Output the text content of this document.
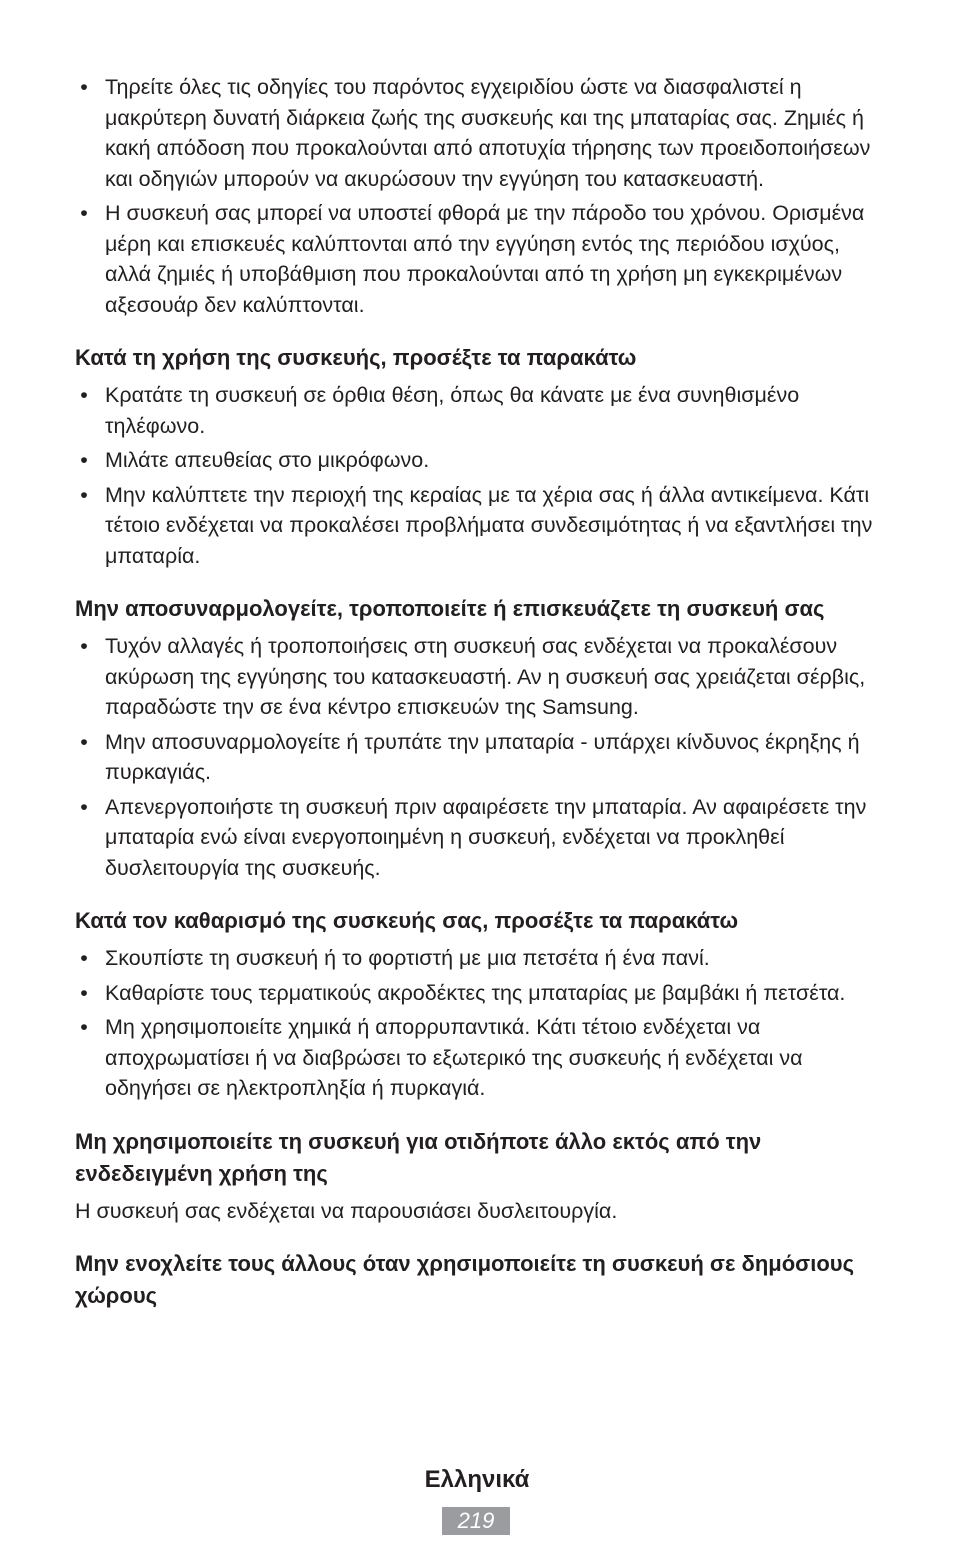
• Τηρείτε όλες τις οδηγίες του παρόντος εγχειριδίου ώστε να διασφαλιστεί η μακρύτερη δυνατή διάρκεια ζωής της συσκευής και της μπαταρίας σας. Ζημιές ή κακή απόδοση που προκαλούνται από αποτυχία τήρησης των προειδοποιήσεων και οδηγιών μπορούν να ακυρώσουν την εγγύηση του κατασκευαστή.
• Η συσκευή σας μπορεί να υποστεί φθορά με την πάροδο του χρόνου. Ορισμένα μέρη και επισκευές καλύπτονται από την εγγύηση εντός της περιόδου ισχύος, αλλά ζημιές ή υποβάθμιση που προκαλούνται από τη χρήση μη εγκεκριμένων αξεσουάρ δεν καλύπτονται.
Κατά τη χρήση της συσκευής, προσέξτε τα παρακάτω
• Κρατάτε τη συσκευή σε όρθια θέση, όπως θα κάνατε με ένα συνηθισμένο τηλέφωνο.
• Μιλάτε απευθείας στο μικρόφωνο.
• Μην καλύπτετε την περιοχή της κεραίας με τα χέρια σας ή άλλα αντικείμενα. Κάτι τέτοιο ενδέχεται να προκαλέσει προβλήματα συνδεσιμότητας ή να εξαντλήσει την μπαταρία.
Μην αποσυναρμολογείτε, τροποποιείτε ή επισκευάζετε τη συσκευή σας
• Τυχόν αλλαγές ή τροποποιήσεις στη συσκευή σας ενδέχεται να προκαλέσουν ακύρωση της εγγύησης του κατασκευαστή. Αν η συσκευή σας χρειάζεται σέρβις, παραδώστε την σε ένα κέντρο επισκευών της Samsung.
• Μην αποσυναρμολογείτε ή τρυπάτε την μπαταρία - υπάρχει κίνδυνος έκρηξης ή πυρκαγιάς.
• Απενεργοποιήστε τη συσκευή πριν αφαιρέσετε την μπαταρία. Αν αφαιρέσετε την μπαταρία ενώ είναι ενεργοποιημένη η συσκευή, ενδέχεται να προκληθεί δυσλειτουργία της συσκευής.
Κατά τον καθαρισμό της συσκευής σας, προσέξτε τα παρακάτω
• Σκουπίστε τη συσκευή ή το φορτιστή με μια πετσέτα ή ένα πανί.
• Καθαρίστε τους τερματικούς ακροδέκτες της μπαταρίας με βαμβάκι ή πετσέτα.
• Μη χρησιμοποιείτε χημικά ή απορρυπαντικά. Κάτι τέτοιο ενδέχεται να αποχρωματίσει ή να διαβρώσει το εξωτερικό της συσκευής ή ενδέχεται να οδηγήσει σε ηλεκτροπληξία ή πυρκαγιά.
Μη χρησιμοποιείτε τη συσκευή για οτιδήποτε άλλο εκτός από την ενδεδειγμένη χρήση της

Η συσκευή σας ενδέχεται να παρουσιάσει δυσλειτουργία.

Μην ενοχλείτε τους άλλους όταν χρησιμοποιείτε τη συσκευή σε δημόσιους χώρους
Ελληνικά
219
